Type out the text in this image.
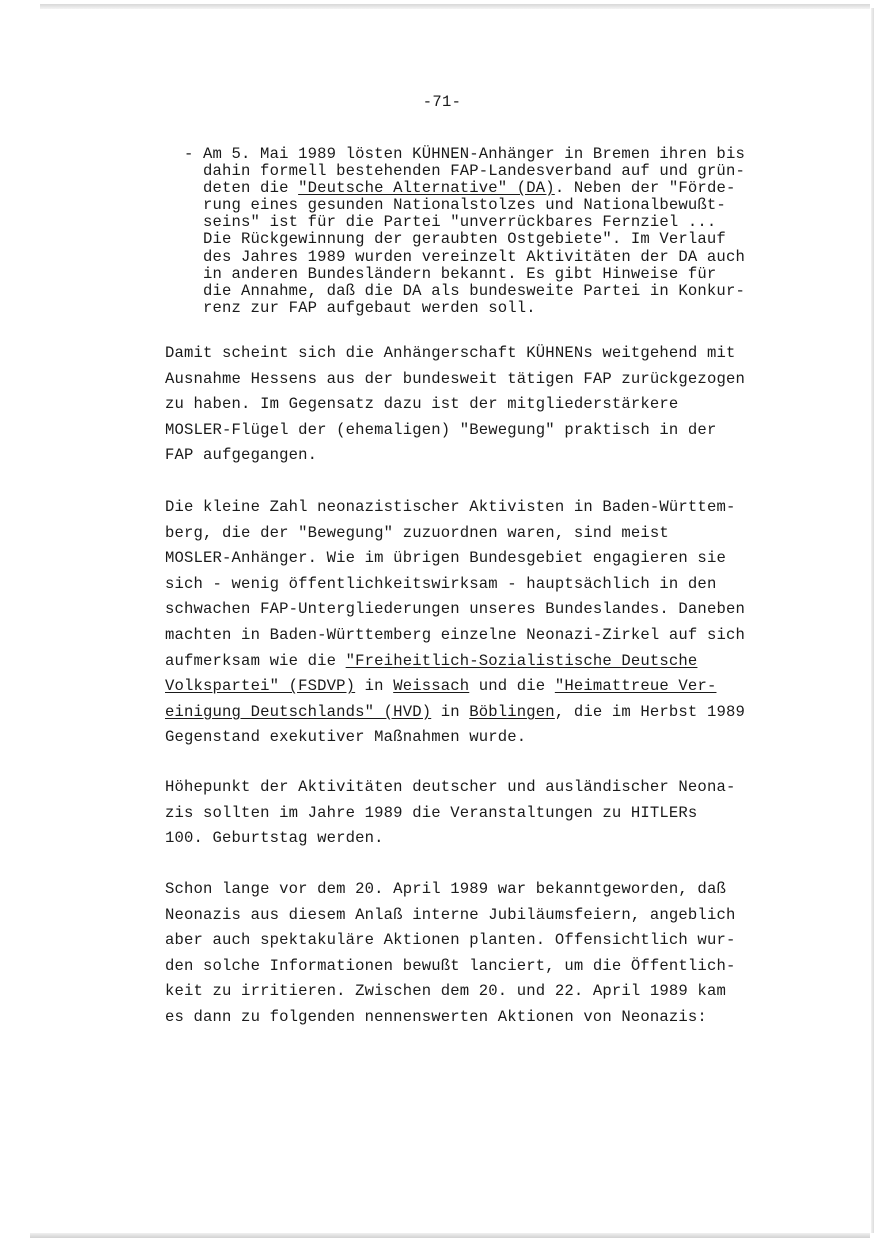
-71-
- Am 5. Mai 1989 lösten KÜHNEN-Anhänger in Bremen ihren bis
dahin formell bestehenden FAP-Landesverband auf und grün-
deten die "Deutsche Alternative" (DA). Neben der "Förde-
rung eines gesunden Nationalstolzes und Nationalbewußt-
seins" ist für die Partei "unverrückbares Fernziel ...
Die Rückgewinnung der geraubten Ostgebiete". Im Verlauf
des Jahres 1989 wurden vereinzelt Aktivitäten der DA auch
in anderen Bundesländern bekannt. Es gibt Hinweise für
die Annahme, daß die DA als bundesweite Partei in Konkur-
renz zur FAP aufgebaut werden soll.
Damit scheint sich die Anhängerschaft KÜHNENs weitgehend mit
Ausnahme Hessens aus der bundesweit tätigen FAP zurückgezogen
zu haben. Im Gegensatz dazu ist der mitgliederstärkere
MOSLER-Flügel der (ehemaligen) "Bewegung" praktisch in der
FAP aufgegangen.
Die kleine Zahl neonazistischer Aktivisten in Baden-Württem-
berg, die der "Bewegung" zuzuordnen waren, sind meist
MOSLER-Anhänger. Wie im übrigen Bundesgebiet engagieren sie
sich - wenig öffentlichkeitswirksam - hauptsächlich in den
schwachen FAP-Untergliederungen unseres Bundeslandes. Daneben
machten in Baden-Württemberg einzelne Neonazi-Zirkel auf sich
aufmerksam wie die "Freiheitlich-Sozialistische Deutsche
Volkspartei" (FSDVP) in Weissach und die "Heimattreue Ver-
einigung Deutschlands" (HVD) in Böblingen, die im Herbst 1989
Gegenstand exekutiver Maßnahmen wurde.
Höhepunkt der Aktivitäten deutscher und ausländischer Neona-
zis sollten im Jahre 1989 die Veranstaltungen zu HITLERs
100. Geburtstag werden.
Schon lange vor dem 20. April 1989 war bekanntgeworden, daß
Neonazis aus diesem Anlaß interne Jubiläumsfeiern, angeblich
aber auch spektakuläre Aktionen planten. Offensichtlich wur-
den solche Informationen bewußt lanciert, um die Öffentlich-
keit zu irritieren. Zwischen dem 20. und 22. April 1989 kam
es dann zu folgenden nennenswerten Aktionen von Neonazis:
